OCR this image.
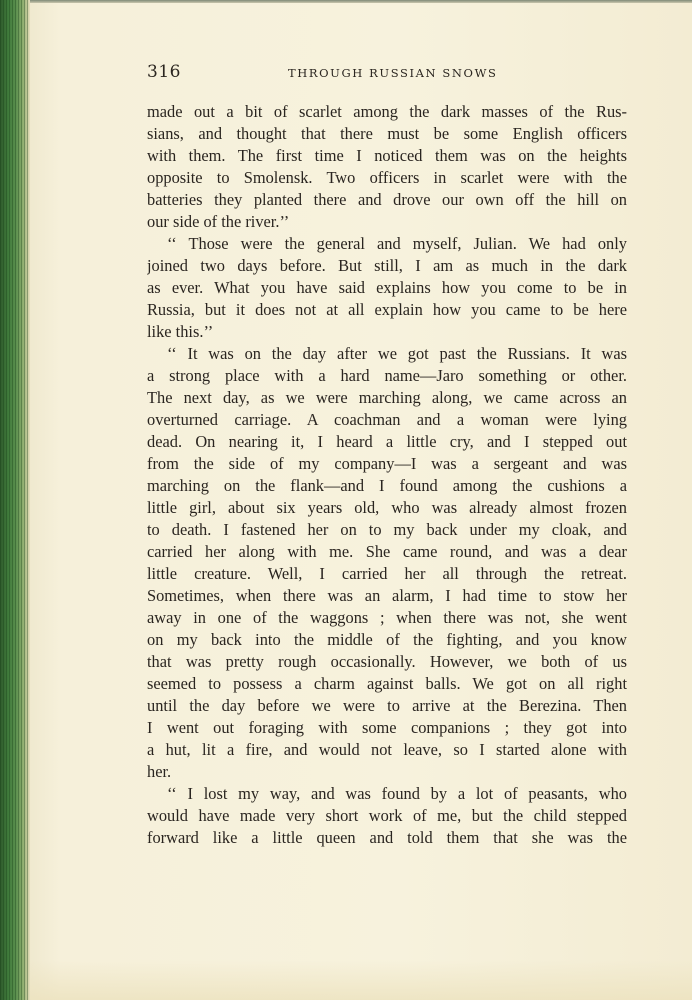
316	THROUGH RUSSIAN SNOWS
made out a bit of scarlet among the dark masses of the Rus-
sians, and thought that there must be some English officers
with them. The first time I noticed them was on the heights
opposite to Smolensk. Two officers in scarlet were with the
batteries they planted there and drove our own off the hill on
our side of the river.’’
‘‘ Those were the general and myself, Julian. We had only
joined two days before. But still, I am as much in the dark
as ever. What you have said explains how you come to be in
Russia, but it does not at all explain how you came to be here
like this.’’
‘‘ It was on the day after we got past the Russians. It was
a strong place with a hard name—Jaro something or other.
The next day, as we were marching along, we came across an
overturned carriage. A coachman and a woman were lying
dead. On nearing it, I heard a little cry, and I stepped out
from the side of my company—I was a sergeant and was
marching on the flank—and I found among the cushions a
little girl, about six years old, who was already almost frozen
to death. I fastened her on to my back under my cloak, and
carried her along with me. She came round, and was a dear
little creature. Well, I carried her all through the retreat.
Sometimes, when there was an alarm, I had time to stow her
away in one of the waggons ; when there was not, she went
on my back into the middle of the fighting, and you know
that was pretty rough occasionally. However, we both of us
seemed to possess a charm against balls. We got on all right
until the day before we were to arrive at the Berezina. Then
I went out foraging with some companions ; they got into
a hut, lit a fire, and would not leave, so I started alone with
her.
‘‘ I lost my way, and was found by a lot of peasants, who
would have made very short work of me, but the child stepped
forward like a little queen and told them that she was the
